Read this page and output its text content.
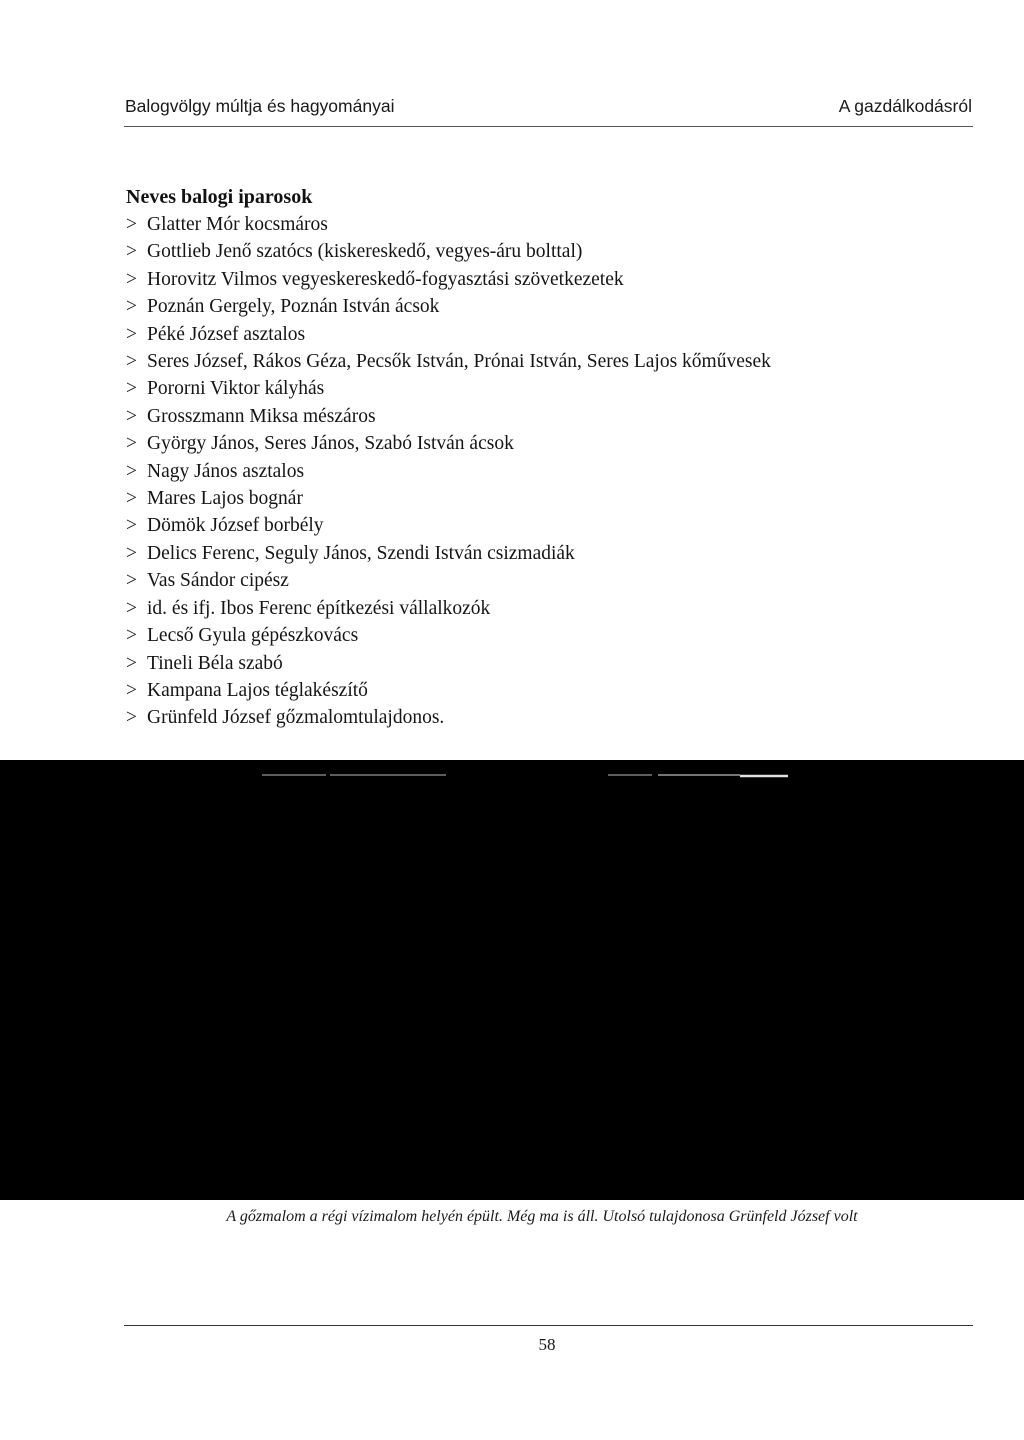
Balogvölgy múltja és hagyományai	A gazdálkodásról
Neves balogi iparosok
> Glatter Mór kocsmáros
> Gottlieb Jenő szatócs (kiskereskedő, vegyes-áru bolttal)
> Horovitz Vilmos vegyeskereskedő-fogyasztási szövetkezetek
> Poznán Gergely, Poznán István ácsok
> Péké József asztalos
> Seres József, Rákos Géza, Pecsők István, Prónai István, Seres Lajos kőművesek
> Pororni Viktor kályhás
> Grosszmann Miksa mészáros
> György János, Seres János, Szabó István ácsok
> Nagy János asztalos
> Mares Lajos bognár
> Dömök József borbély
> Delics Ferenc, Seguly János, Szendi István csizmadiák
> Vas Sándor cipész
> id. és ifj. Ibos Ferenc építkezési vállalkozók
> Lecső Gyula gépészkovács
> Tineli Béla szabó
> Kampana Lajos téglakészítő
> Grünfeld József gőzmalomtulajdonos.
A gőzmalom a régi vízimalom helyén épült. Még ma is áll. Utolsó tulajdonosa Grünfeld József volt
58
